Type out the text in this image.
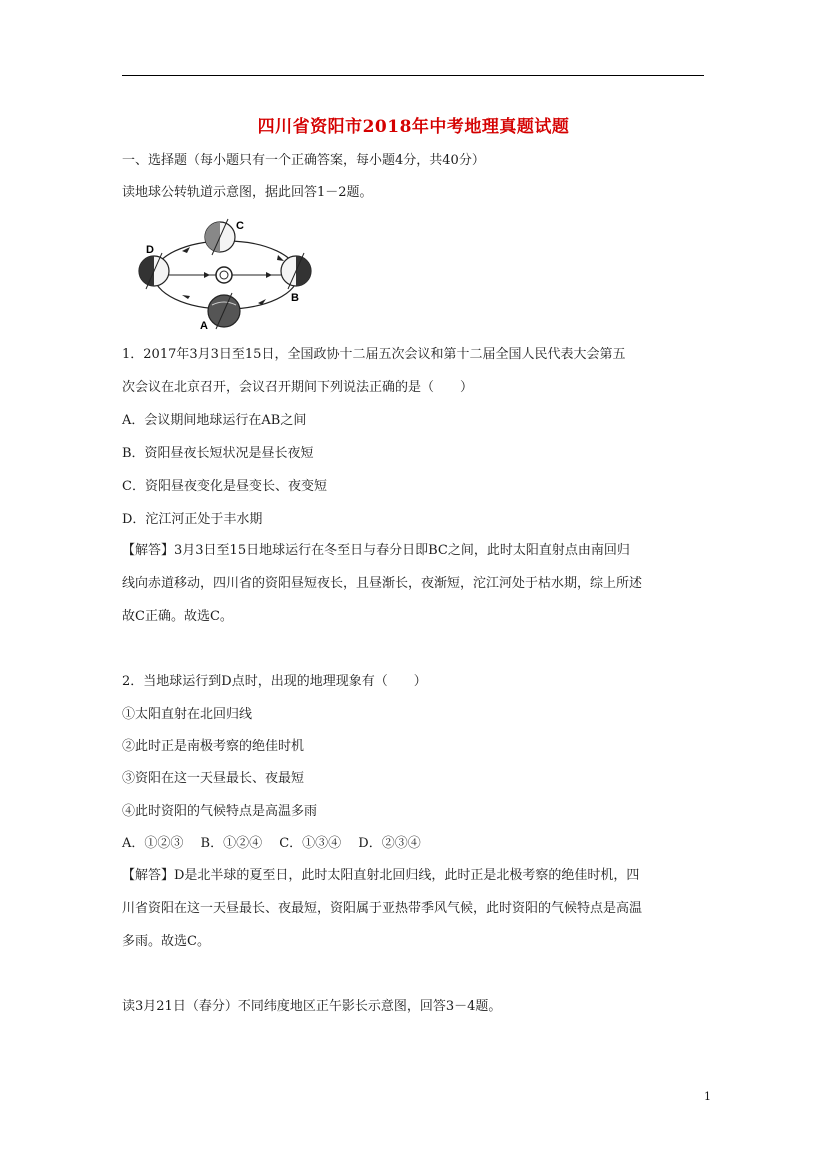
四川省资阳市2018年中考地理真题试题
一、选择题（每小题只有一个正确答案，每小题4分，共40分）
读地球公转轨道示意图，据此回答1－2题。
C
D
B
A
1．2017年3月3日至15日，全国政协十二届五次会议和第十二届全国人民代表大会第五
次会议在北京召开，会议召开期间下列说法正确的是（　　）
A．会议期间地球运行在AB之间
B．资阳昼夜长短状况是昼长夜短
C．资阳昼夜变化是昼变长、夜变短
D．沱江河正处于丰水期
【解答】3月3日至15日地球运行在冬至日与春分日即BC之间，此时太阳直射点由南回归
线向赤道移动，四川省的资阳昼短夜长，且昼渐长，夜渐短，沱江河处于枯水期，综上所述
故C正确。故选C。
2．当地球运行到D点时，出现的地理现象有（　　）
①太阳直射在北回归线
②此时正是南极考察的绝佳时机
③资阳在这一天昼最长、夜最短
④此时资阳的气候特点是高温多雨
A．①②③　 B．①②④　 C．①③④　 D．②③④
【解答】D是北半球的夏至日，此时太阳直射北回归线，此时正是北极考察的绝佳时机，四
川省资阳在这一天昼最长、夜最短，资阳属于亚热带季风气候，此时资阳的气候特点是高温
多雨。故选C。
读3月21日（春分）不同纬度地区正午影长示意图，回答3－4题。
1
